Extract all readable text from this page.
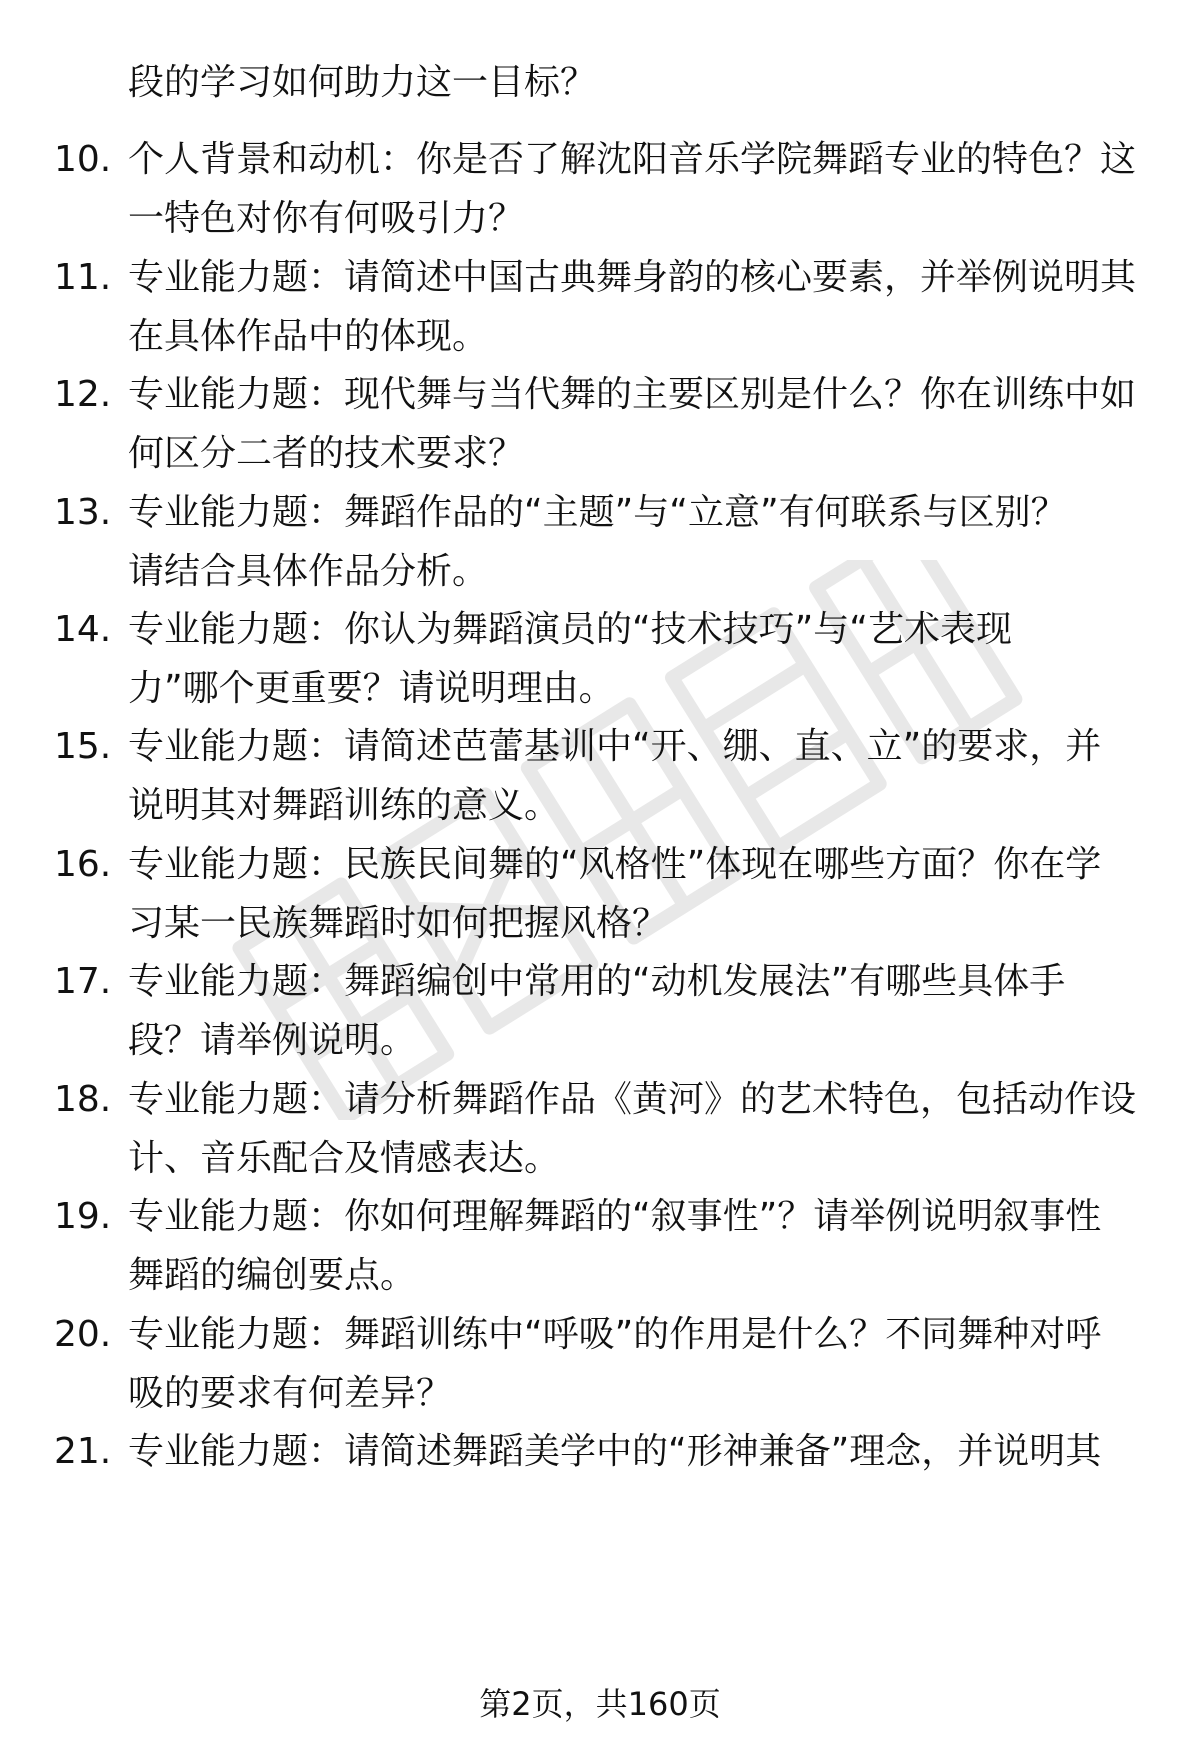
段的学习如何助力这一目标？
10. 个人背景和动机：你是否了解沈阳音乐学院舞蹈专业的特色？这
一特色对你有何吸引力？
11. 专业能力题：请简述中国古典舞身韵的核心要素，并举例说明其
在具体作品中的体现。
12. 专业能力题：现代舞与当代舞的主要区别是什么？你在训练中如
何区分二者的技术要求？
13. 专业能力题：舞蹈作品的“主题”与“立意”有何联系与区别？
请结合具体作品分析。
14. 专业能力题：你认为舞蹈演员的“技术技巧”与“艺术表现
力”哪个更重要？请说明理由。
15. 专业能力题：请简述芭蕾基训中“开、绷、直、立”的要求，并
说明其对舞蹈训练的意义。
16. 专业能力题：民族民间舞的“风格性”体现在哪些方面？你在学
习某一民族舞蹈时如何把握风格？
17. 专业能力题：舞蹈编创中常用的“动机发展法”有哪些具体手
段？请举例说明。
18. 专业能力题：请分析舞蹈作品《黄河》的艺术特色，包括动作设
计、音乐配合及情感表达。
19. 专业能力题：你如何理解舞蹈的“叙事性”？请举例说明叙事性
舞蹈的编创要点。
20. 专业能力题：舞蹈训练中“呼吸”的作用是什么？不同舞种对呼
吸的要求有何差异？
21. 专业能力题：请简述舞蹈美学中的“形神兼备”理念，并说明其
第2页，共160页
